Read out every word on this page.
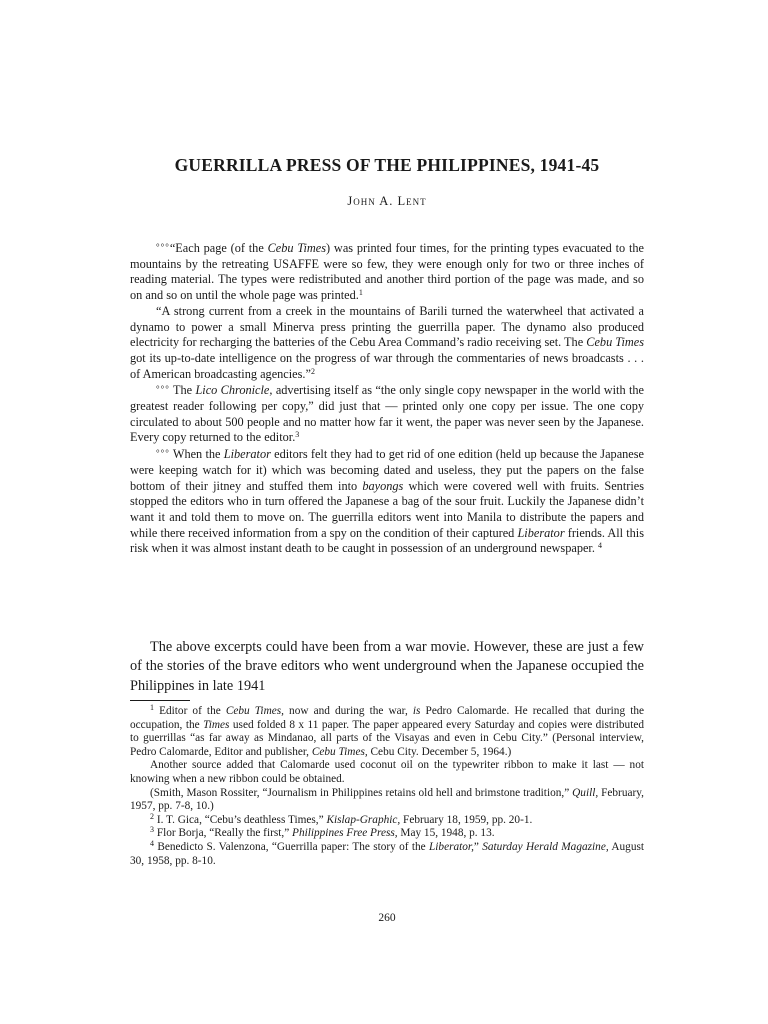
GUERRILLA PRESS OF THE PHILIPPINES, 1941-45
John A. Lent

°°°“Each page (of the Cebu Times) was printed four times, for the printing types evacuated to the mountains by the retreating USAFFE were so few, they were enough only for two or three inches of reading material. The types were redistributed and another third portion of the page was made, and so on and so on until the whole page was printed.$^1$

“A strong current from a creek in the mountains of Barili turned the waterwheel that activated a dynamo to power a small Minerva press printing the guerrilla paper. The dynamo also produced electricity for recharging the batteries of the Cebu Area Command’s radio receiving set. The Cebu Times got its up-to-date intelligence on the progress of war through the commentaries of news broadcasts . . . of American broadcasting agencies.”$^2$

°°° The Lico Chronicle, advertising itself as “the only single copy newspaper in the world with the greatest reader following per copy,” did just that — printed only one copy per issue. The one copy circulated to about 500 people and no matter how far it went, the paper was never seen by the Japanese. Every copy returned to the editor.$^3$

°°° When the Liberator editors felt they had to get rid of one edition (held up because the Japanese were keeping watch for it) which was becoming dated and useless, they put the papers on the false bottom of their jitney and stuffed them into bayongs which were covered well with fruits. Sentries stopped the editors who in turn offered the Japanese a bag of the sour fruit. Luckily the Japanese didn’t want it and told them to move on. The guerrilla editors went into Manila to distribute the papers and while there received information from a spy on the condition of their captured Liberator friends. All this risk when it was almost instant death to be caught in possession of an underground newspaper. $^4$

The above excerpts could have been from a war movie. However, these are just a few of the stories of the brave editors who went underground when the Japanese occupied the Philippines in late 1941

$^1$ Editor of the Cebu Times, now and during the war, is Pedro Calomarde. He recalled that during the occupation, the Times used folded 8 x 11 paper. The paper appeared every Saturday and copies were distributed to guerrillas “as far away as Mindanao, all parts of the Visayas and even in Cebu City.” (Personal interview, Pedro Calomarde, Editor and publisher, Cebu Times, Cebu City. December 5, 1964.)

Another source added that Calomarde used coconut oil on the typewriter ribbon to make it last — not knowing when a new ribbon could be obtained.

(Smith, Mason Rossiter, “Journalism in Philippines retains old hell and brimstone tradition,” Quill, February, 1957, pp. 7-8, 10.)

$^2$ I. T. Gica, “Cebu’s deathless Times,” Kislap-Graphic, February 18, 1959, pp. 20-1.

$^3$ Flor Borja, “Really the first,” Philippines Free Press, May 15, 1948, p. 13.

$^4$ Benedicto S. Valenzona, “Guerrilla paper: The story of the Liberator,” Saturday Herald Magazine, August 30, 1958, pp. 8-10.

260
